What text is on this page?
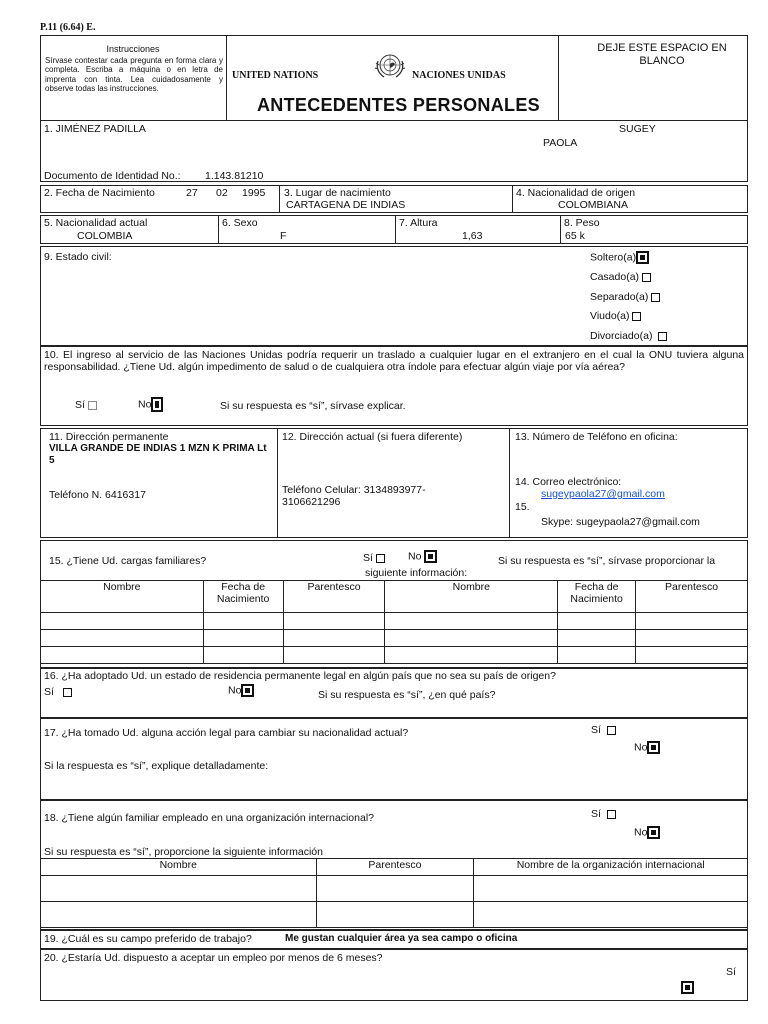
P.11 (6.64) E.
Instrucciones
Sírvase contestar cada pregunta en forma clara y completa. Escriba a máquina o en letra de imprenta con tinta. Lea cuidadosamente y observe todas las instrucciones.
UNITED NATIONS	NACIONES UNIDAS
ANTECEDENTES PERSONALES
DEJE ESTE ESPACIO EN BLANCO
1. JIMÉNEZ PADILLA	SUGEY
PAOLA
Documento de Identidad No.: 1.143.81210
2. Fecha de Nacimiento	27 02 1995 3. Lugar de nacimiento
CARTAGENA DE INDIAS
4. Nacionalidad de origen
COLOMBIANA
5. Nacionalidad actual
COLOMBIA
6. Sexo
F
7. Altura
1,63
8. Peso
65 k
9. Estado civil:	Soltero(a)
Casado(a)
Separado(a)
Viudo(a)
Divorciado(a)
10. El ingreso al servicio de las Naciones Unidas podría requerir un traslado a cualquier lugar en el extranjero en el cual la ONU tuviera alguna responsabilidad. ¿Tiene Ud. algún impedimento de salud o de cualquiera otra índole para efectuar algún viaje por vía aérea?
Sí	No	Si su respuesta es “sí”, sírvase explicar.
11. Dirección permanente
VILLA GRANDE DE INDIAS 1 MZN K PRIMA Lt 5
Teléfono N. 6416317
12. Dirección actual (si fuera diferente)
Teléfono Celular: 3134893977-3106621296
13. Número de Teléfono en oficina:
14. Correo electrónico:
sugeypaola27@gmail.com
15.
Skype: sugeypaola27@gmail.com
15. ¿Tiene Ud. cargas familiares?	Sí	No	Si su respuesta es “sí”, sírvase proporcionar la
siguiente información:
Nombre	Fecha de Nacimiento	Parentesco	Nombre	Fecha de Nacimiento	Parentesco

16. ¿Ha adoptado Ud. un estado de residencia permanente legal en algún país que no sea su país de origen?
Sí	No	Si su respuesta es “sí”, ¿en qué país?
17. ¿Ha tomado Ud. alguna acción legal para cambiar su nacionalidad actual?	Sí
No
Si la respuesta es “sí”, explique detalladamente:
18. ¿Tiene algún familiar empleado en una organización internacional?	Sí
No
Si su respuesta es “sí”, proporcione la siguiente información
Nombre	Parentesco	Nombre de la organización internacional

19. ¿Cuál es su campo preferido de trabajo?	Me gustan cualquier área ya sea campo o oficina
20. ¿Estaría Ud. dispuesto a aceptar un empleo por menos de 6 meses?
Sí
